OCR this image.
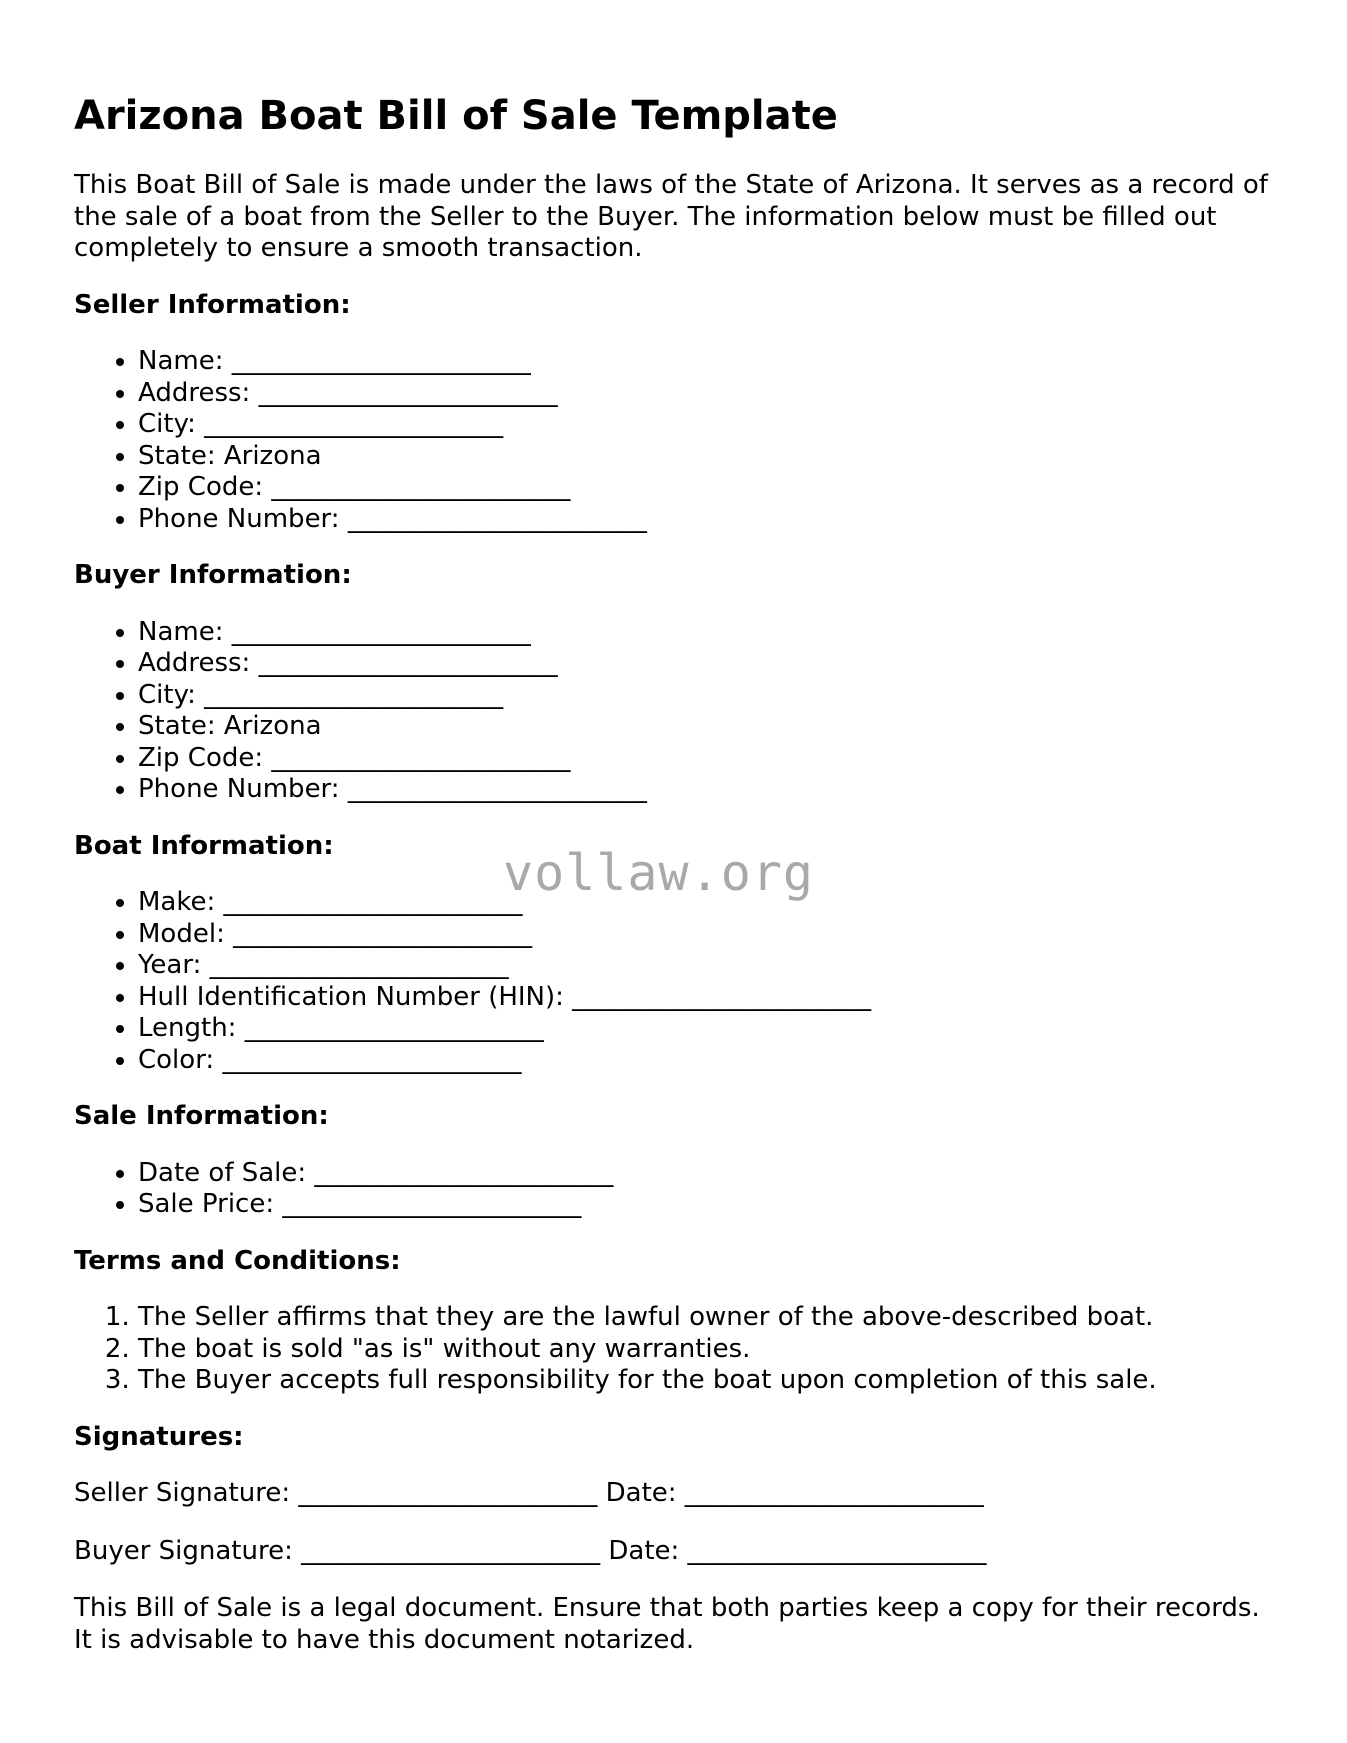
Arizona Boat Bill of Sale Template

This Boat Bill of Sale is made under the laws of the State of Arizona. It serves as a record of the sale of a boat from the Seller to the Buyer. The information below must be filled out completely to ensure a smooth transaction.

Seller Information:
• Name: _______________________
• Address: _______________________
• City: _______________________
• State: Arizona
• Zip Code: _______________________
• Phone Number: _______________________
Buyer Information:
• Name: _______________________
• Address: _______________________
• City: _______________________
• State: Arizona
• Zip Code: _______________________
• Phone Number: _______________________
Boat Information:
• Make: _______________________
• Model: _______________________
• Year: _______________________
• Hull Identification Number (HIN): _______________________
• Length: _______________________
• Color: _______________________
Sale Information:
• Date of Sale: _______________________
• Sale Price: _______________________
Terms and Conditions:
1. The Seller affirms that they are the lawful owner of the above-described boat.
2. The boat is sold "as is" without any warranties.
3. The Buyer accepts full responsibility for the boat upon completion of this sale.
Signatures:
Seller Signature: _______________________ Date: _______________________
Buyer Signature: _______________________ Date: _______________________

This Bill of Sale is a legal document. Ensure that both parties keep a copy for their records. It is advisable to have this document notarized.

vollaw.org
